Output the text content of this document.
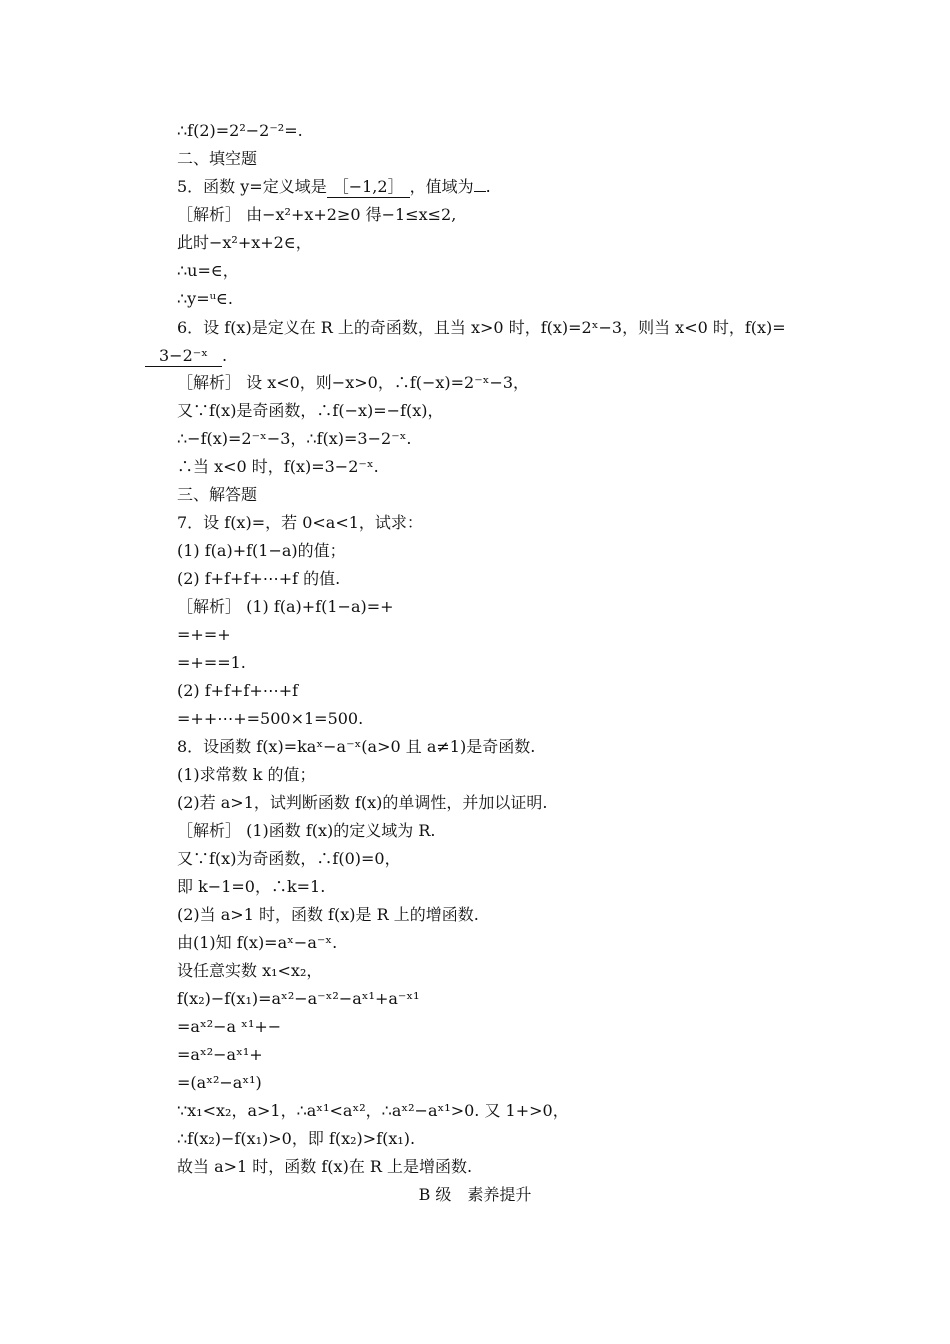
∴f(2)=2²−2⁻²=.
二、填空题
5．函数 y=定义域是 ［−1,2］ ，值域为 .
［解析］ 由−x²+x+2≥0 得−1≤x≤2,
此时−x²+x+2∈，
∴u=∈，
∴y=ᵘ∈.
6．设 f(x)是定义在 R 上的奇函数，且当 x>0 时，f(x)=2ˣ−3，则当 x<0 时，f(x)=
3−2⁻ˣ .
［解析］ 设 x<0，则−x>0，∴f(−x)=2⁻ˣ−3，
又∵f(x)是奇函数，∴f(−x)=−f(x)，
∴−f(x)=2⁻ˣ−3，∴f(x)=3−2⁻ˣ.
∴当 x<0 时，f(x)=3−2⁻ˣ.
三、解答题
7．设 f(x)=，若 0<a<1，试求：
(1) f(a)+f(1−a)的值；
(2) f+f+f+⋯+f 的值.
［解析］ (1) f(a)+f(1−a)=+
=+=+
=+==1.
(2) f+f+f+⋯+f
=++⋯+=500×1=500.
8．设函数 f(x)=kaˣ−a⁻ˣ(a>0 且 a≠1)是奇函数.
(1)求常数 k 的值；
(2)若 a>1，试判断函数 f(x)的单调性，并加以证明.
［解析］ (1)函数 f(x)的定义域为 R.
又∵f(x)为奇函数，∴f(0)=0，
即 k−1=0，∴k=1.
(2)当 a>1 时，函数 f(x)是 R 上的增函数.
由(1)知 f(x)=aˣ−a⁻ˣ.
设任意实数 x₁<x₂，
f(x₂)−f(x₁)=aˣ²−a⁻ˣ²−aˣ¹+a⁻ˣ¹
=aˣ²−a ˣ¹+−
=aˣ²−aˣ¹+
=(aˣ²−aˣ¹)
∵x₁<x₂，a>1，∴aˣ¹<aˣ²，∴aˣ²−aˣ¹>0. 又 1+>0，
∴f(x₂)−f(x₁)>0，即 f(x₂)>f(x₁).
故当 a>1 时，函数 f(x)在 R 上是增函数.
B 级　素养提升
